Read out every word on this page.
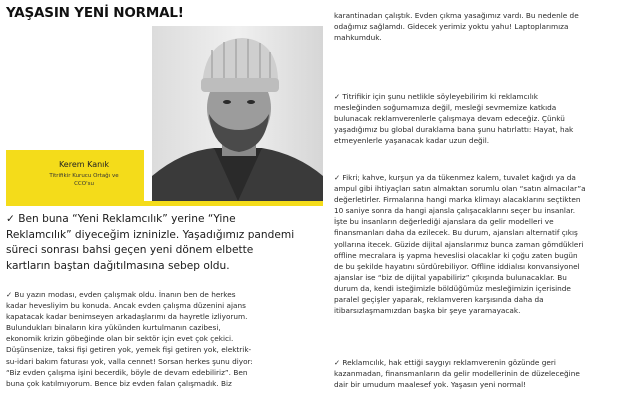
YAŞASIN YENİ NORMAL!
Kerem Kanık
Titrifikir Kurucu Ortağı ve
CCO'su

✓ Ben buna “Yeni Reklamcılık” yerine “Yine
Reklamcılık” diyeceğim izninizle. Yaşadığımız pandemi
süreci sonrası bahsi geçen yeni dönem elbette
kartların baştan dağıtılmasına sebep oldu.

✓ Bu yazın modası, evden çalışmak oldu. İnanın ben de herkes
kadar hevesliyim bu konuda. Ancak evden çalışma düzenini ajans
kapatacak kadar benimseyen arkadaşlarımı da hayretle izliyorum.
Bulundukları binaların kira yükünden kurtulmanın cazibesi,
ekonomik krizin göbeğinde olan bir sektör için evet çok çekici.
Düşünsenize, taksi fişi getiren yok, yemek fişi getiren yok, elektrik-
su-idari bakım faturası yok, valla cennet! Sorsan herkes şunu diyor:
“Biz evden çalışma işini becerdik, böyle de devam edebiliriz”. Ben
buna çok katılmıyorum. Bence biz evden falan çalışmadık. Biz

karantinadan çalıştık. Evden çıkma yasağımız vardı. Bu nedenle de
odağımız sağlamdı. Gidecek yerimiz yoktu yahu! Laptoplarımıza
mahkumduk.

✓ Titrifikir için şunu netlikle söyleyebilirim ki reklamcılık
mesleğinden soğumamıza değil, mesleği sevmemize katkıda
bulunacak reklamverenlerle çalışmaya devam edeceğiz. Çünkü
yaşadığımız bu global duraklama bana şunu hatırlattı: Hayat, hak
etmeyenlerle yaşanacak kadar uzun değil.

✓ Fikri; kahve, kurşun ya da tükenmez kalem, tuvalet kağıdı ya da
ampul gibi ihtiyaçları satın almaktan sorumlu olan “satın almacılar”a
değerletirler. Firmalarına hangi marka klimayı alacaklarını seçtikten
10 saniye sonra da hangi ajansla çalışacaklarını seçer bu insanlar.
İşte bu insanların değerlediği ajanslara da gelir modelleri ve
finansmanları daha da ezilecek. Bu durum, ajansları alternatif çıkış
yollarına itecek. Güzide dijital ajanslarımız bunca zaman gömdükleri
offline mecralara iş yapma heveslisi olacaklar ki çoğu zaten bugün
de bu şekilde hayatını sürdürebiliyor. Offline iddialısı konvansiyonel
ajanslar ise “biz de dijital yapabiliriz” çıkışında bulunacaklar. Bu
durum da, kendi isteğimizle böldüğümüz mesleğimizin içerisinde
paralel geçişler yaparak, reklamveren karşısında daha da
itibarsızlaşmamızdan başka bir şeye yaramayacak.

✓ Reklamcılık, hak ettiği saygıyı reklamverenin gözünde geri
kazanmadan, finansmanların da gelir modellerinin de düzeleceğine
dair bir umudum maalesef yok. Yaşasın yeni normal!
